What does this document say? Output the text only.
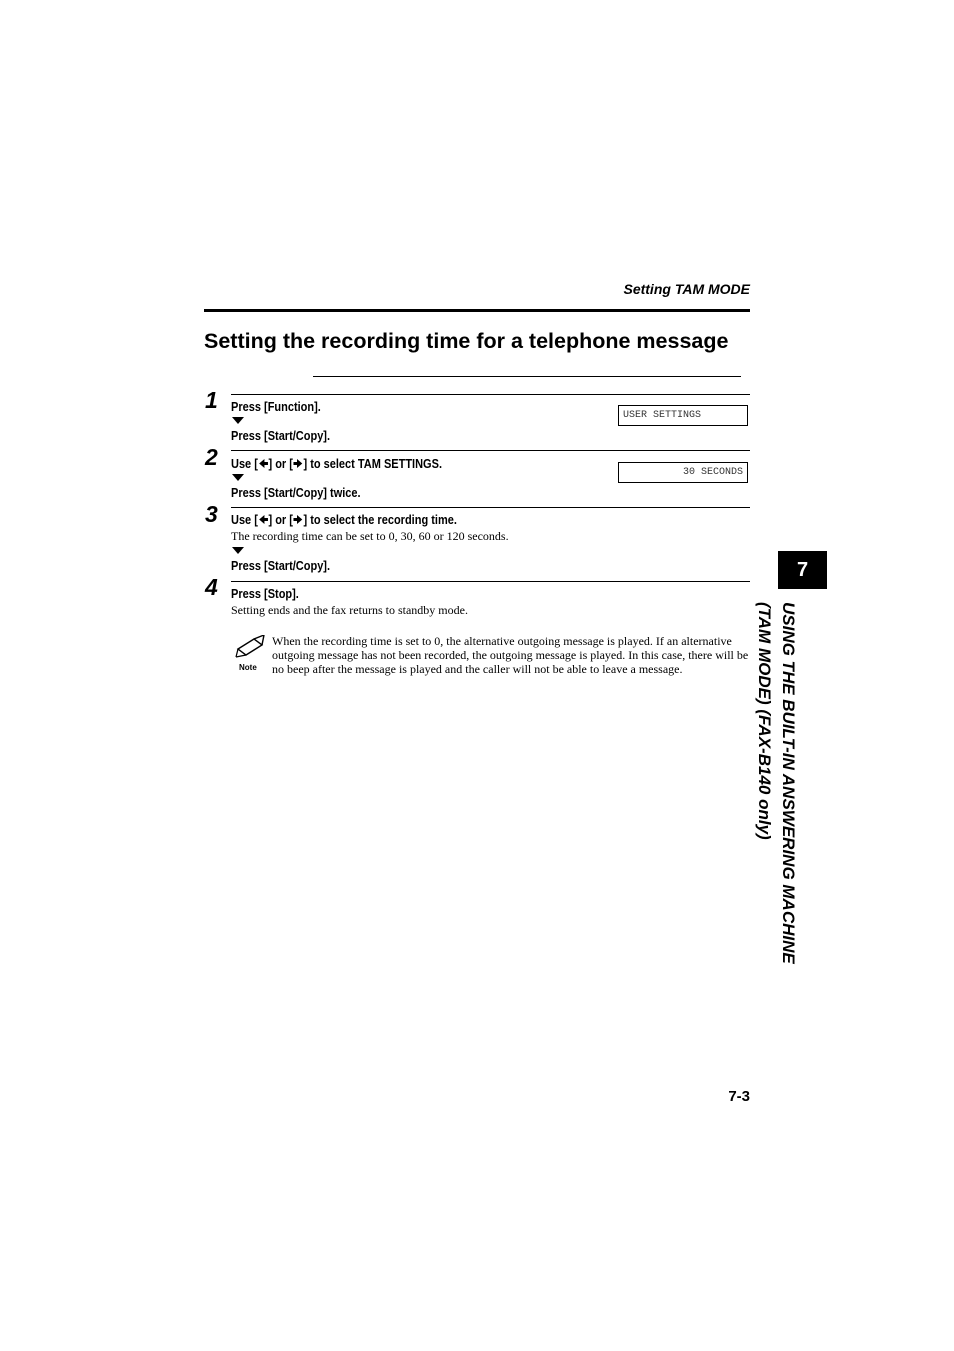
Setting TAM MODE
Setting the recording time for a telephone message
1 Press [Function].
Press [Start/Copy].
USER SETTINGS
2 Use [ ] or [ ] to select TAM SETTINGS.
Press [Start/Copy] twice.
30 SECONDS
3 Use [ ] or [ ] to select the recording time.
The recording time can be set to 0, 30, 60 or 120 seconds.
Press [Start/Copy].
4 Press [Stop].
Setting ends and the fax returns to standby mode.
Note
When the recording time is set to 0, the alternative outgoing message is played. If an alternative outgoing message has not been recorded, the outgoing message is played. In this case, there will be no beep after the message is played and the caller will not be able to leave a message.
7
USING THE BUILT-IN ANSWERING MACHINE
(TAM MODE) (FAX-B140 only)
7-3
